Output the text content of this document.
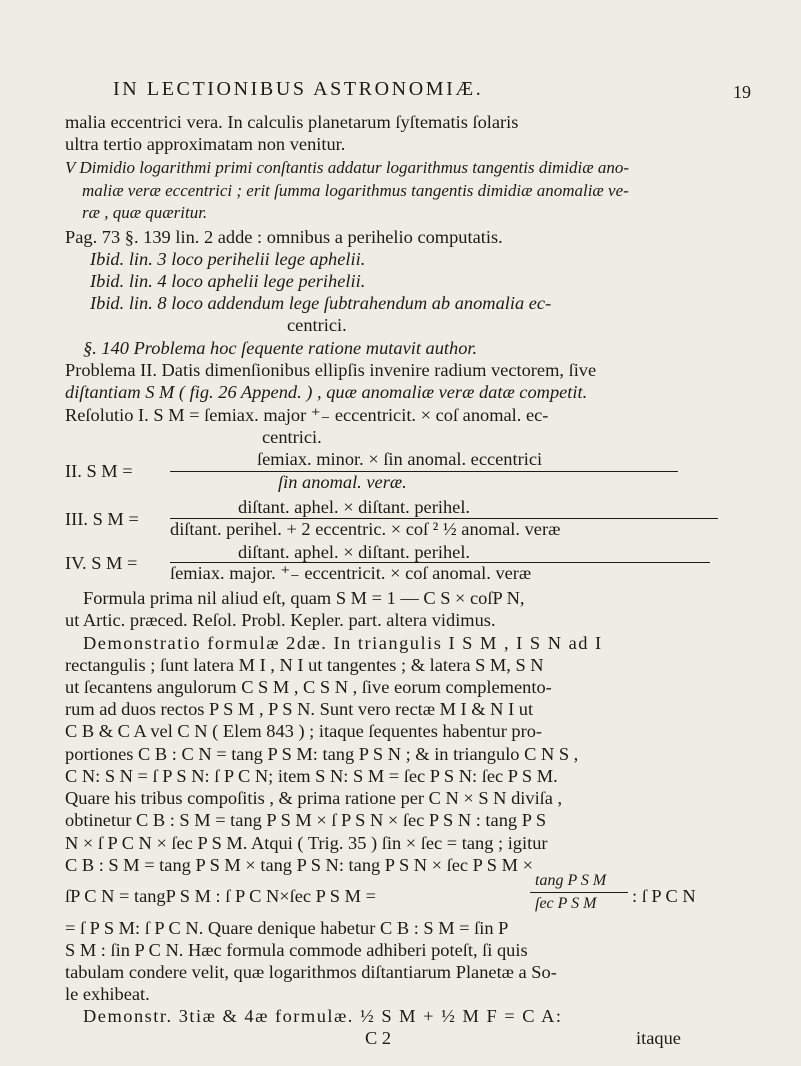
IN LECTIONIBUS ASTRONOMIÆ.	19
malia eccentrici vera. In calculis planetarum ſyſtematis ſolaris
ultra tertio approximatam non venitur.
V Dimidio logarithmi primi conſtantis addatur logarithmus tangentis dimidiæ ano-
maliæ veræ eccentrici ; erit ſumma logarithmus tangentis dimidiæ anomaliæ ve-
ræ , quæ quæritur.
Pag. 73 §. 139 lin. 2 adde : omnibus a perihelio computatis.
Ibid. lin. 3 loco perihelii lege aphelii.
Ibid. lin. 4 loco aphelii lege perihelii.
Ibid. lin. 8 loco addendum lege ſubtrahendum ab anomalia ec-
centrici.
§. 140 Problema hoc ſequente ratione mutavit author.
Problema II. Datis dimenſionibus ellipſis invenire radium vectorem, ſive
diſtantiam S M ( fig. 26 Append. ) , quæ anomaliæ veræ datæ competit.
Reſolutio I. S M = ſemiax. major ⁺₋ eccentricit. × coſ anomal. ec-
centrici.
II. S M =
ſemiax. minor. × ſin anomal. eccentrici
ſin anomal. veræ.
III. S M =
diſtant. aphel. × diſtant. perihel.
diſtant. perihel. + 2 eccentric. × coſ ² ½ anomal. veræ
IV. S M =
diſtant. aphel. × diſtant. perihel.
ſemiax. major. ⁺₋ eccentricit. × coſ anomal. veræ
Formula prima nil aliud eſt, quam S M = 1 — C S × coſP N,
ut Artic. præced. Reſol. Probl. Kepler. part. altera vidimus.
Demonstratio formulæ 2dæ. In triangulis I S M , I S N ad I
rectangulis ; ſunt latera M I , N I ut tangentes ; & latera S M, S N
ut ſecantens angulorum C S M , C S N , ſive eorum complemento-
rum ad duos rectos P S M , P S N. Sunt vero rectæ M I & N I ut
C B & C A vel C N ( Elem 843 ) ; itaque ſequentes habentur pro-
portiones C B : C N = tang P S M: tang P S N ; & in triangulo C N S ,
C N: S N = ſ P S N: ſ P C N; item S N: S M = ſec P S N: ſec P S M.
Quare his tribus compoſitis , & prima ratione per C N × S N diviſa ,
obtinetur C B : S M = tang P S M × ſ P S N × ſec P S N : tang P S
N × ſ P C N × ſec P S M. Atqui ( Trig. 35 ) ſin × ſec = tang ; igitur
C B : S M = tang P S M × tang P S N: tang P S N × ſec P S M ×
ſP C N = tangP S M : ſ P C N×ſec P S M =
tang P S M
ſec P S M : ſ P C N
= ſ P S M: ſ P C N. Quare denique habetur C B : S M = ſin P
S M : ſin P C N. Hæc formula commode adhiberi poteſt, ſi quis
tabulam condere velit, quæ logarithmos diſtantiarum Planetæ a So-
le exhibeat.
Demonstr. 3tiæ & 4æ formulæ. ½ S M + ½ M F = C A:
C 2	itaque
